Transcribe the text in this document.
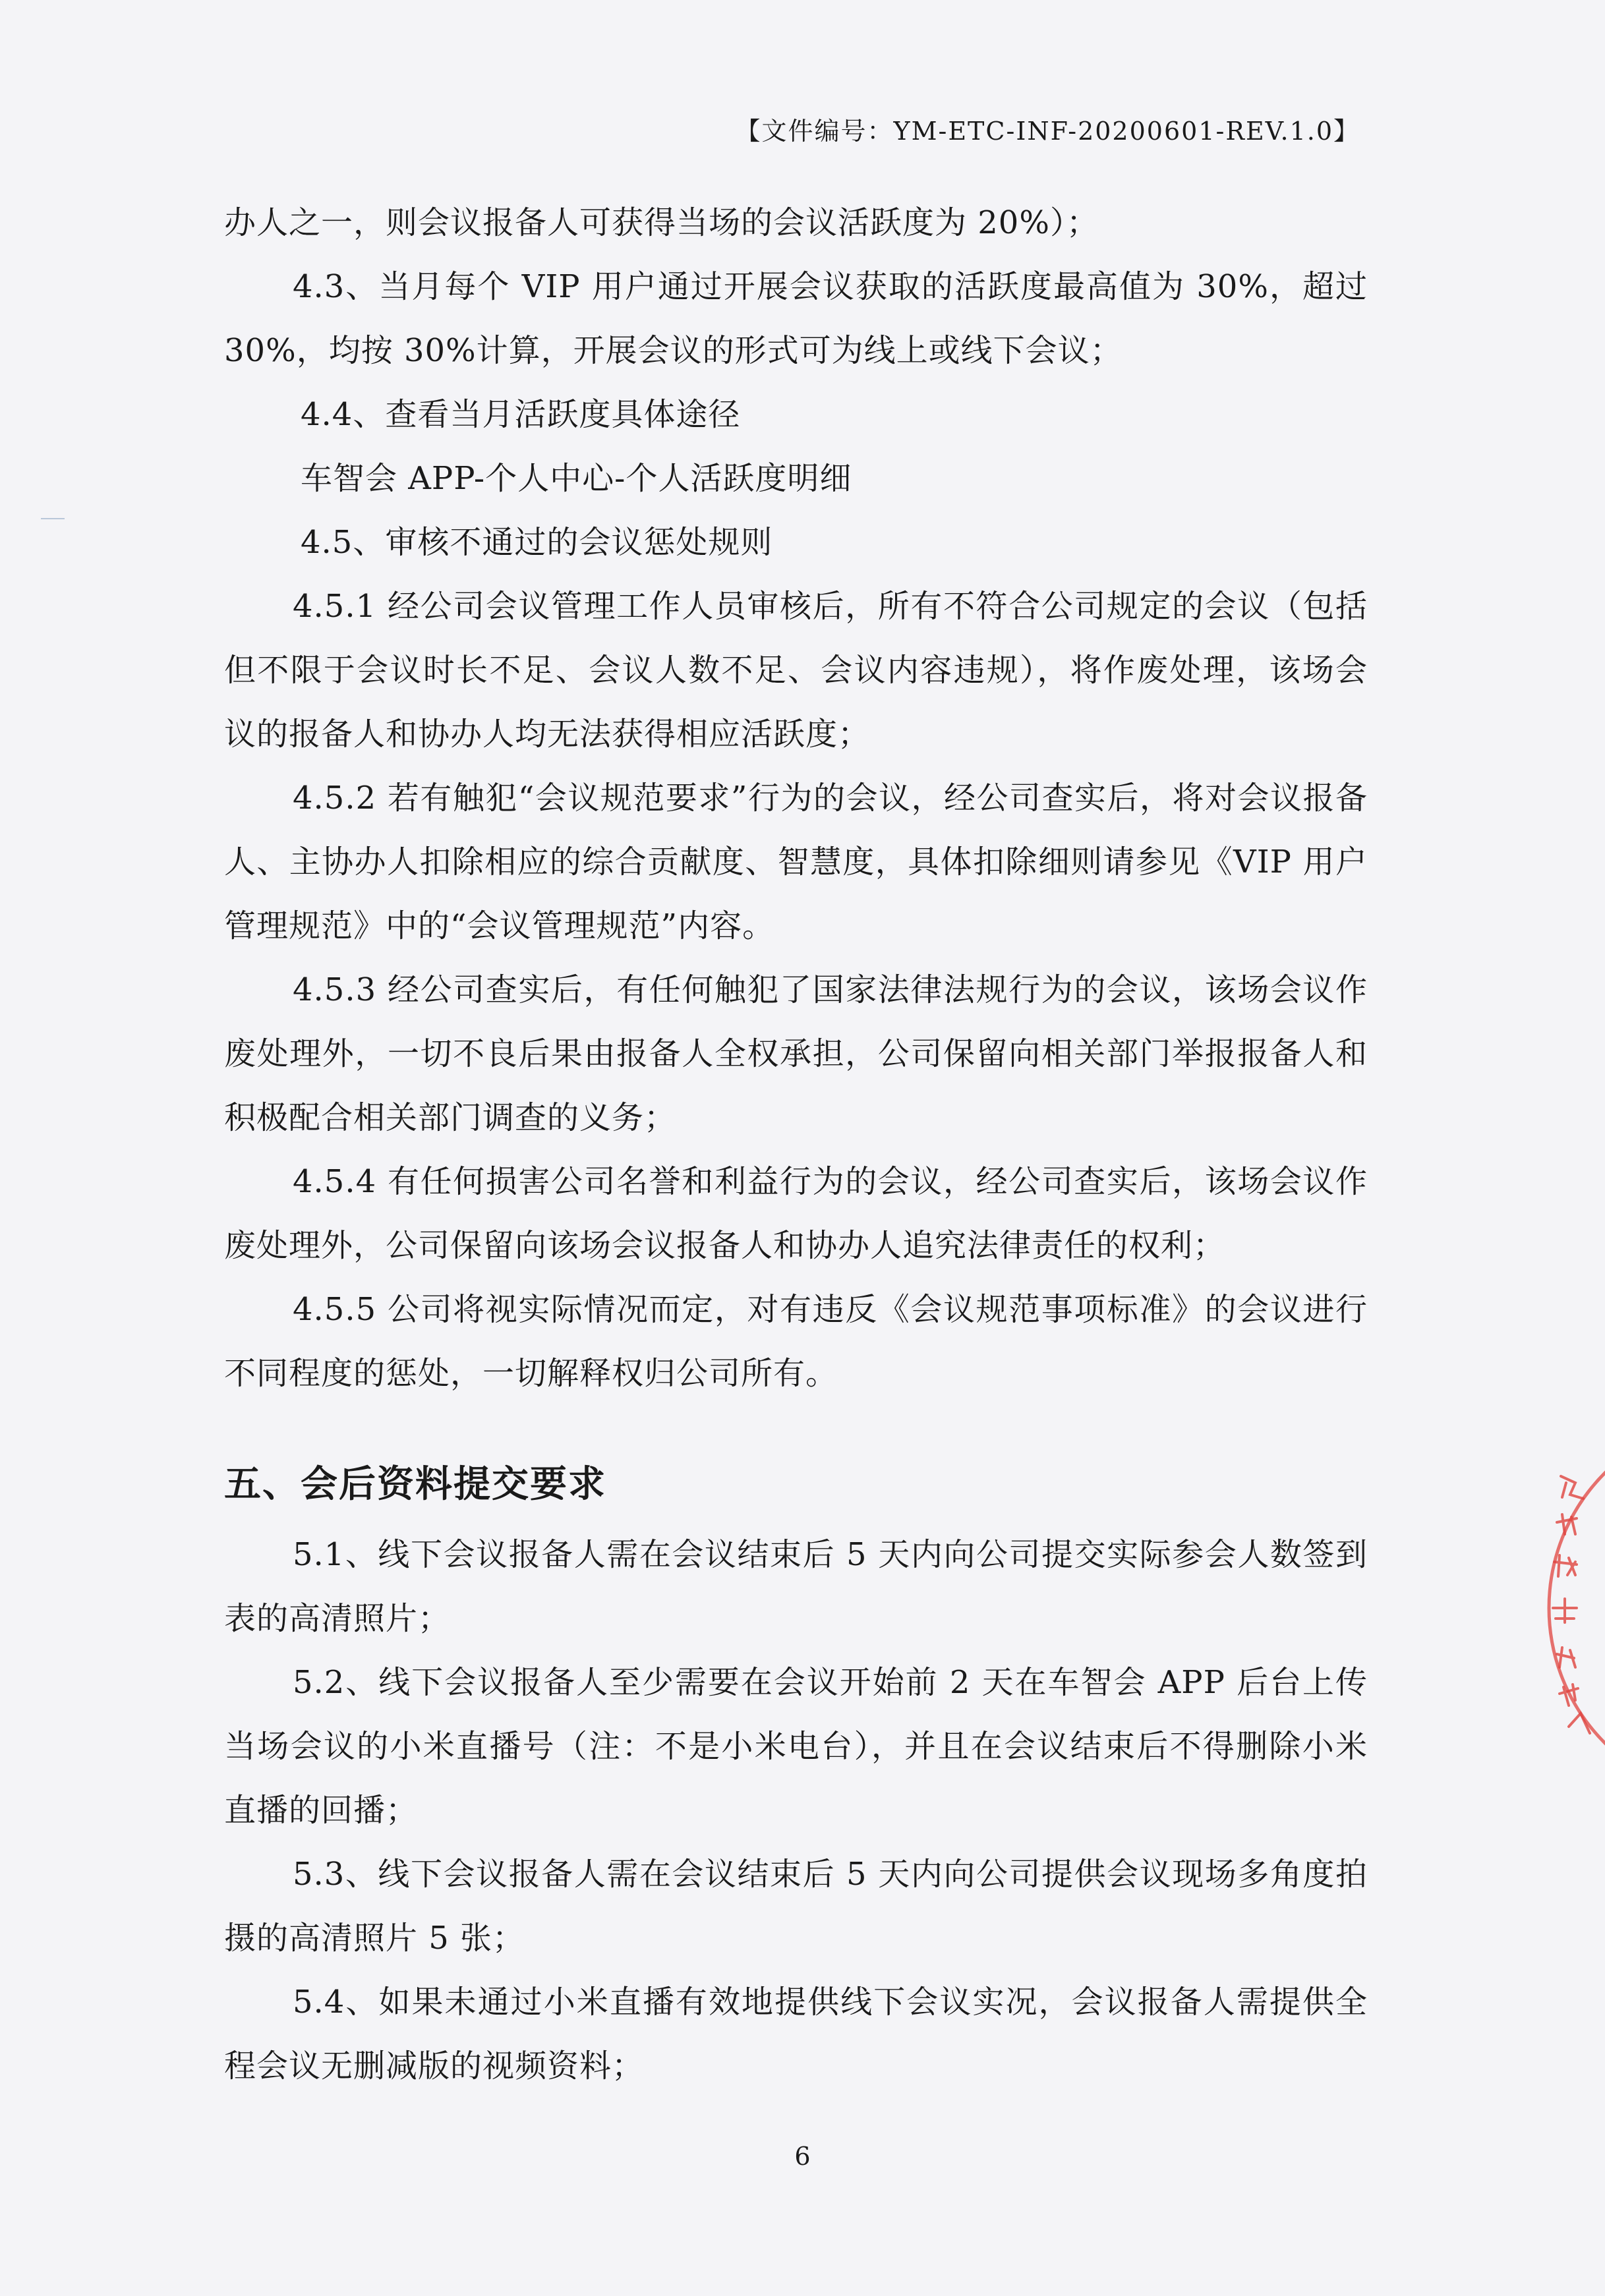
【文件编号：YM-ETC-INF-20200601-REV.1.0】

办人之一，则会议报备人可获得当场的会议活跃度为 20%）；

4.3、当月每个 VIP 用户通过开展会议获取的活跃度最高值为 30%，超过 30%，均按 30%计算，开展会议的形式可为线上或线下会议；

4.4、查看当月活跃度具体途径

车智会 APP-个人中心-个人活跃度明细

4.5、审核不通过的会议惩处规则

4.5.1 经公司会议管理工作人员审核后，所有不符合公司规定的会议（包括但不限于会议时长不足、会议人数不足、会议内容违规），将作废处理，该场会议的报备人和协办人均无法获得相应活跃度；

4.5.2 若有触犯“会议规范要求”行为的会议，经公司查实后，将对会议报备人、主协办人扣除相应的综合贡献度、智慧度，具体扣除细则请参见《VIP 用户管理规范》中的“会议管理规范”内容。

4.5.3 经公司查实后，有任何触犯了国家法律法规行为的会议，该场会议作废处理外，一切不良后果由报备人全权承担，公司保留向相关部门举报报备人和积极配合相关部门调查的义务；

4.5.4 有任何损害公司名誉和利益行为的会议，经公司查实后，该场会议作废处理外，公司保留向该场会议报备人和协办人追究法律责任的权利；

4.5.5 公司将视实际情况而定，对有违反《会议规范事项标准》的会议进行不同程度的惩处，一切解释权归公司所有。

五、会后资料提交要求

5.1、线下会议报备人需在会议结束后 5 天内向公司提交实际参会人数签到表的高清照片；

5.2、线下会议报备人至少需要在会议开始前 2 天在车智会 APP 后台上传当场会议的小米直播号（注：不是小米电台），并且在会议结束后不得删除小米直播的回播；

5.3、线下会议报备人需在会议结束后 5 天内向公司提供会议现场多角度拍摄的高清照片 5 张；

5.4、如果未通过小米直播有效地提供线下会议实况，会议报备人需提供全程会议无删减版的视频资料；

6
